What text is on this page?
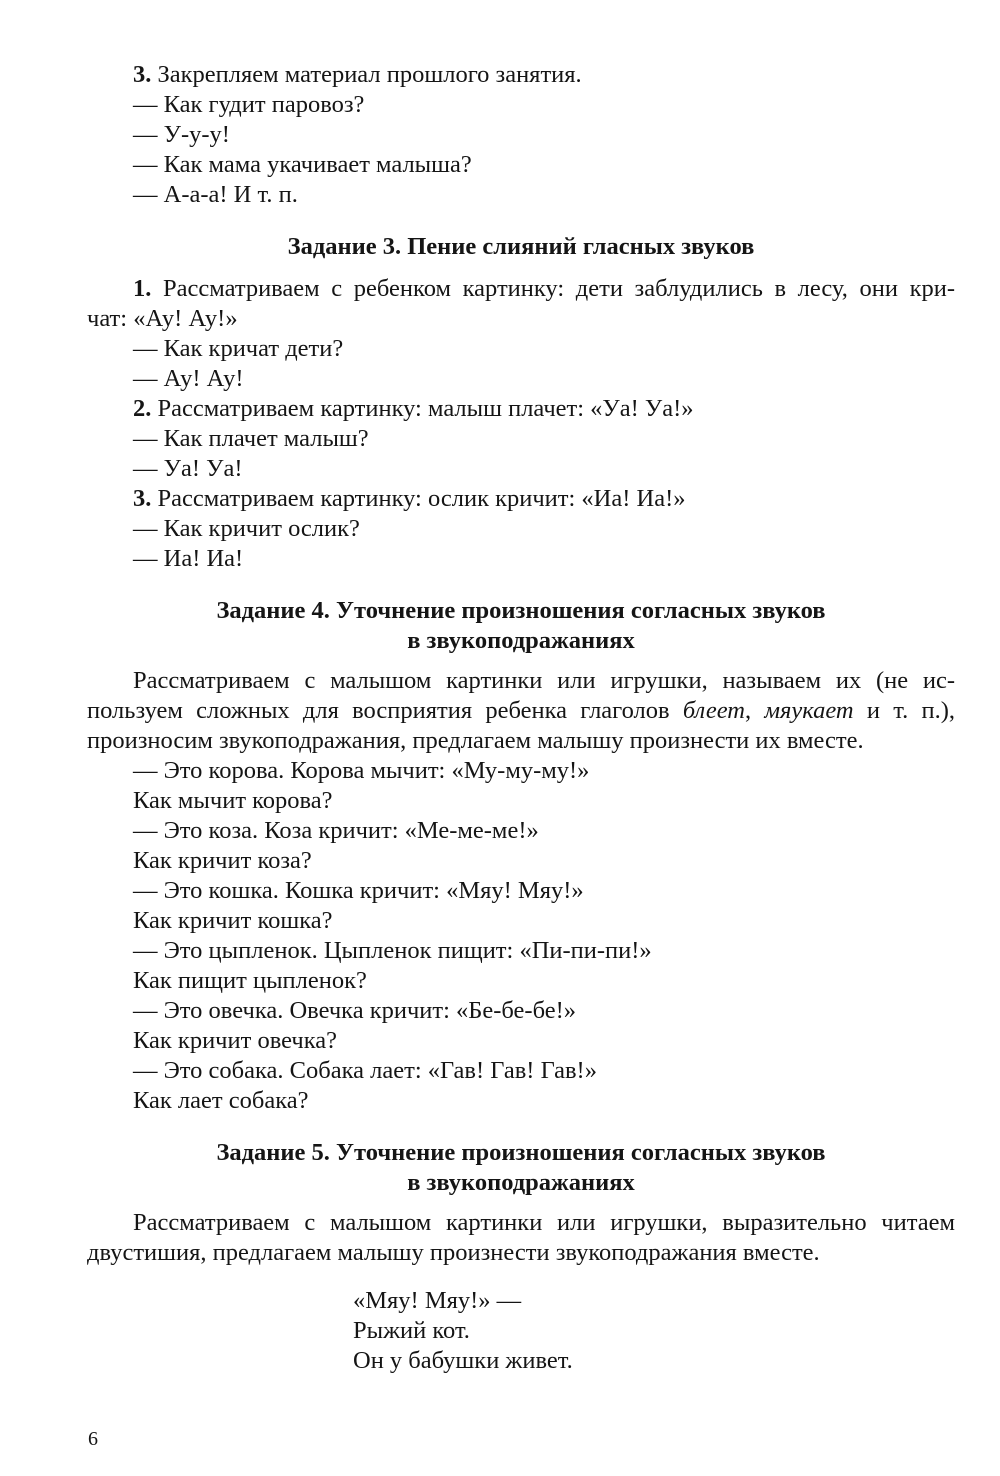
3. Закрепляем материал прошлого занятия.

— Как гудит паровоз?

— У-у-у!

— Как мама укачивает малыша?

— А-а-а! И т. п.

Задание 3. Пение слияний гласных звуков

1. Рассматриваем с ребенком картинку: дети заблудились в лесу, они кри-

чат: «Ау! Ау!»

— Как кричат дети?

— Ау! Ау!

2. Рассматриваем картинку: малыш плачет: «Уа! Уа!»

— Как плачет малыш?

— Уа! Уа!

3. Рассматриваем картинку: ослик кричит: «Иа! Иа!»

— Как кричит ослик?

— Иа! Иа!

Задание 4. Уточнение произношения согласных звуков
в звукоподражаниях

Рассматриваем с малышом картинки или игрушки, называем их (не ис-

пользуем сложных для восприятия ребенка глаголов блеет, мяукает и т. п.),

произносим звукоподражания, предлагаем малышу произнести их вместе.

— Это корова. Корова мычит: «Му-му-му!»

Как мычит корова?

— Это коза. Коза кричит: «Ме-ме-ме!»

Как кричит коза?

— Это кошка. Кошка кричит: «Мяу! Мяу!»

Как кричит кошка?

— Это цыпленок. Цыпленок пищит: «Пи-пи-пи!»

Как пищит цыпленок?

— Это овечка. Овечка кричит: «Бе-бе-бе!»

Как кричит овечка?

— Это собака. Собака лает: «Гав! Гав! Гав!»

Как лает собака?

Задание 5. Уточнение произношения согласных звуков
в звукоподражаниях

Рассматриваем с малышом картинки или игрушки, выразительно читаем

двустишия, предлагаем малышу произнести звукоподражания вместе.

«Мяу! Мяу!» —

Рыжий кот.

Он у бабушки живет.

6
